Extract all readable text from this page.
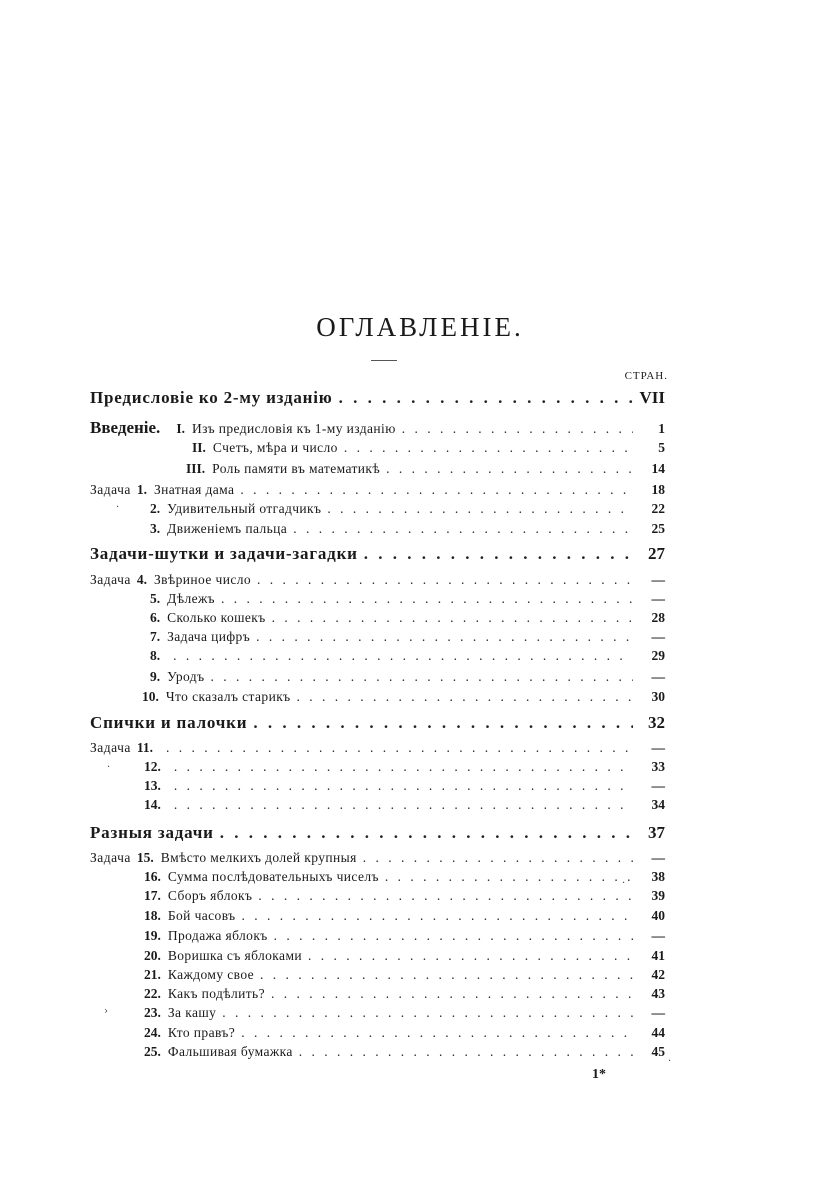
ОГЛАВЛЕНІЕ.
СТРАН.
Предисловіе ко 2-му изданію . . .	VII
Введеніе. I. Изъ предисловія къ 1-му изданію . . .	1
II. Счетъ, мѣра и число . . .	5
III. Роль памяти въ математикѣ . . .	14
Задача 1. Знатная дама . . .	18
2. Удивительный отгадчикъ . . .	22
3. Движеніемъ пальца . . .	25
Задачи-шутки и задачи-загадки . . .	27
Задача 4. Звѣриное число . . .	—
5. Дѣлежъ . . .	—
6. Сколько кошекъ . . .	28
7. Задача цифръ . . .	—
8. . . .	29
9. Уродъ . . .	—
10. Что сказалъ старикъ . . .	30
Спички и палочки . . .	32
Задача 11. . . .	—
12. . . .	33
13. . . .	—
14. . . .	34
Разныя задачи . . .	37
Задача 15. Вмѣсто мелкихъ долей крупныя . . .	—
16. Сумма послѣдовательныхъ чиселъ . . .	38
17. Сборъ яблокъ . . .	39
18. Бой часовъ . . .	40
19. Продажа яблокъ . . .	—
20. Воришка съ яблоками . . .	41
21. Каждому свое . . .	42
22. Какъ подѣлить? . . .	43
23. За кашу . . .	—
24. Кто правъ? . . .	44
25. Фальшивая бумажка . . .	45
1*
·
·
›
·
·
